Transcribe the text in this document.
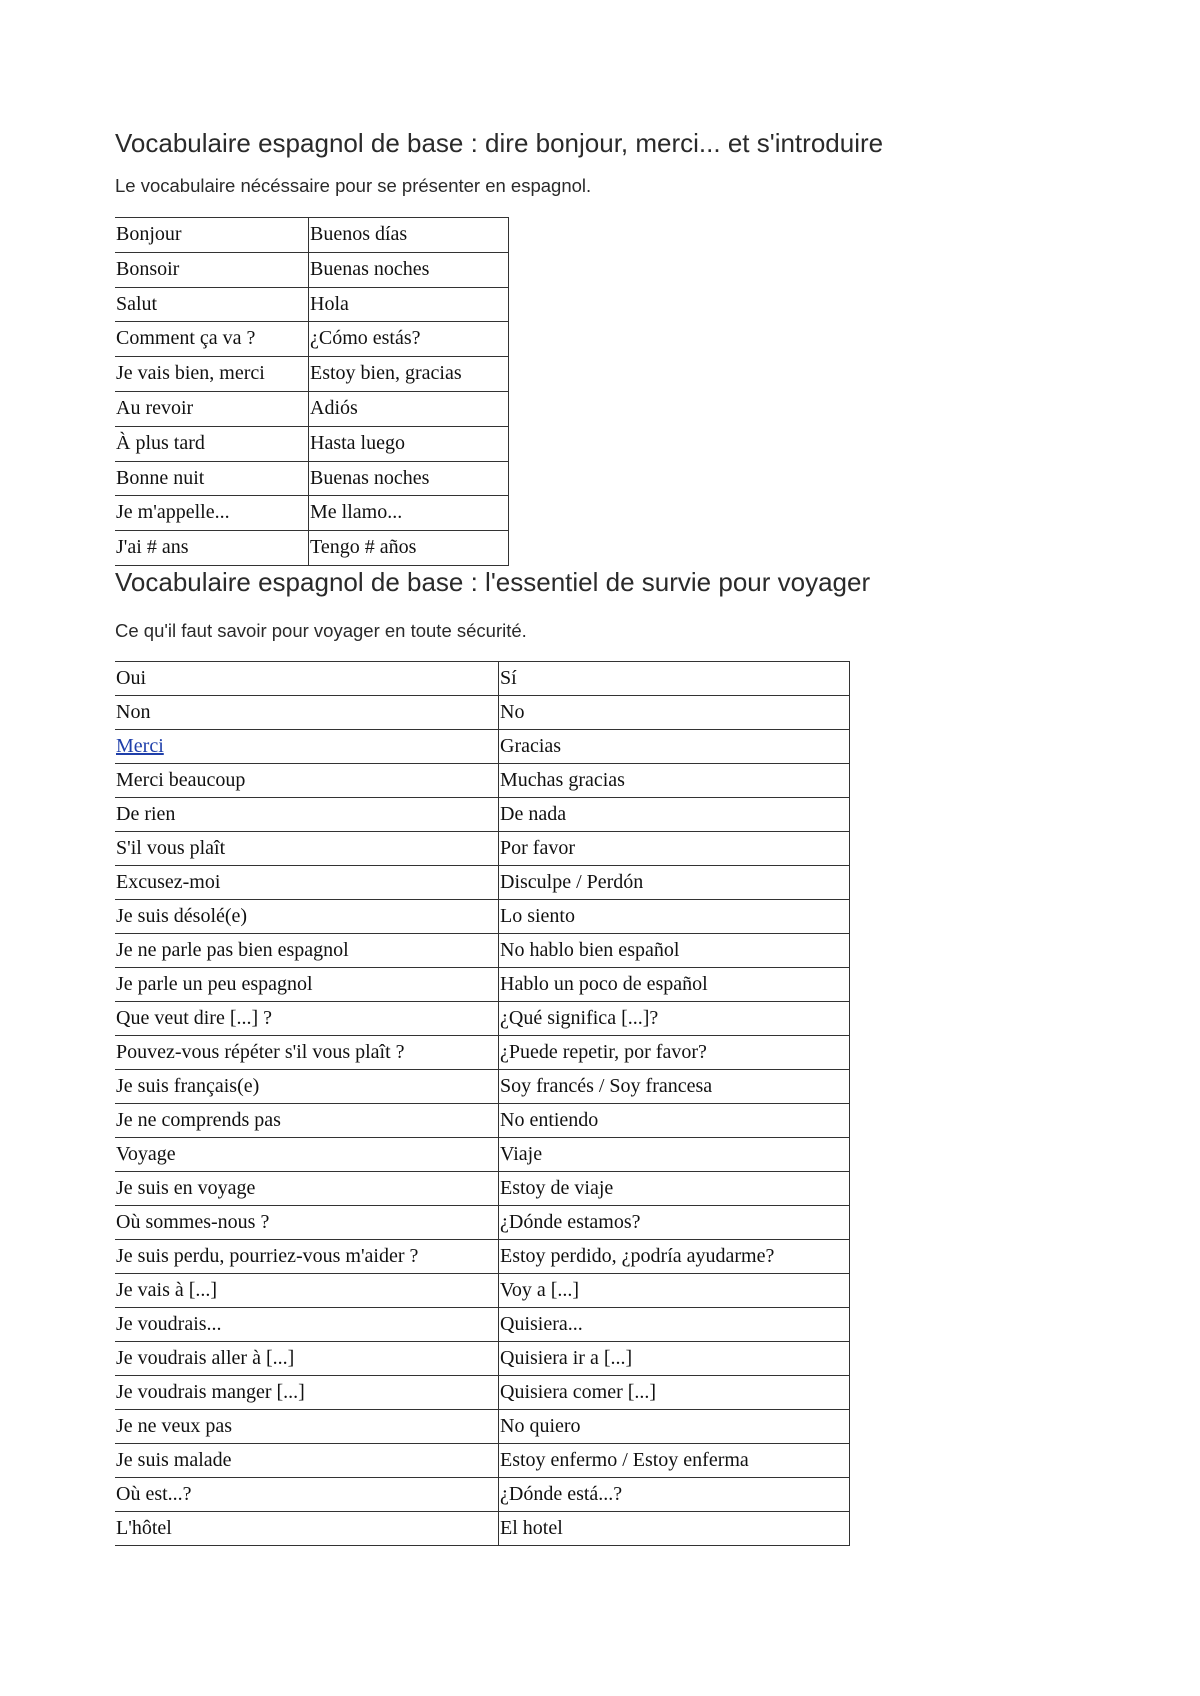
Vocabulaire espagnol de base : dire bonjour, merci... et s'introduire

Le vocabulaire nécéssaire pour se présenter en espagnol.

Bonjour	Buenos días
Bonsoir	Buenas noches
Salut	Hola
Comment ça va ?	¿Cómo estás?
Je vais bien, merci	Estoy bien, gracias
Au revoir	Adiós
À plus tard	Hasta luego
Bonne nuit	Buenas noches
Je m'appelle...	Me llamo...
J'ai # ans	Tengo # años
Vocabulaire espagnol de base : l'essentiel de survie pour voyager

Ce qu'il faut savoir pour voyager en toute sécurité.

Oui	Sí
Non	No
Merci	Gracias
Merci beaucoup	Muchas gracias
De rien	De nada
S'il vous plaît	Por favor
Excusez-moi	Disculpe / Perdón
Je suis désolé(e)	Lo siento
Je ne parle pas bien espagnol	No hablo bien español
Je parle un peu espagnol	Hablo un poco de español
Que veut dire [...] ?	¿Qué significa [...]?
Pouvez-vous répéter s'il vous plaît ?	¿Puede repetir, por favor?
Je suis français(e)	Soy francés / Soy francesa
Je ne comprends pas	No entiendo
Voyage	Viaje
Je suis en voyage	Estoy de viaje
Où sommes-nous ?	¿Dónde estamos?
Je suis perdu, pourriez-vous m'aider ?	Estoy perdido, ¿podría ayudarme?
Je vais à [...]	Voy a [...]
Je voudrais...	Quisiera...
Je voudrais aller à [...]	Quisiera ir a [...]
Je voudrais manger [...]	Quisiera comer [...]
Je ne veux pas	No quiero
Je suis malade	Estoy enfermo / Estoy enferma
Où est...?	¿Dónde está...?
L'hôtel	El hotel
